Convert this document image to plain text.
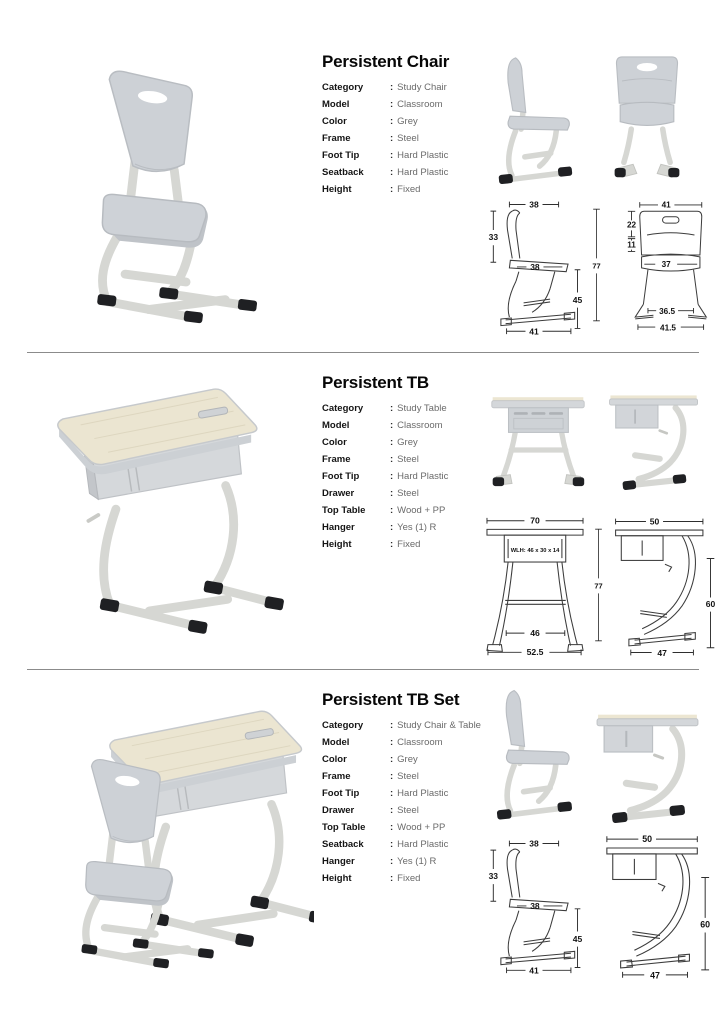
Persistent Chair
Category	: Study Chair
Model	: Classroom
Color	: Grey
Frame	: Steel
Foot Tip	: Hard Plastic
Seatback	: Hard Plastic
Height	: Fixed
38
33
38
45
41
77
41
22
11
37
36.5
41.5
Persistent TB
Category	: Study Table
Model	: Classroom
Color	: Grey
Frame	: Steel
Foot Tip	: Hard Plastic
Drawer	: Steel
Top Table	: Wood + PP
Hanger	: Yes (1) R
Height	: Fixed
70
WLH: 46 x 30 x 14
46
52.5
77
50
60
47
Persistent TB Set
Category	: Study Chair & Table
Model	: Classroom
Color	: Grey
Frame	: Steel
Foot Tip	: Hard Plastic
Drawer	: Steel
Top Table	: Wood + PP
Seatback	: Hard Plastic
Hanger	: Yes (1) R
Height	: Fixed
38
33
38
45
41
50
60
47
